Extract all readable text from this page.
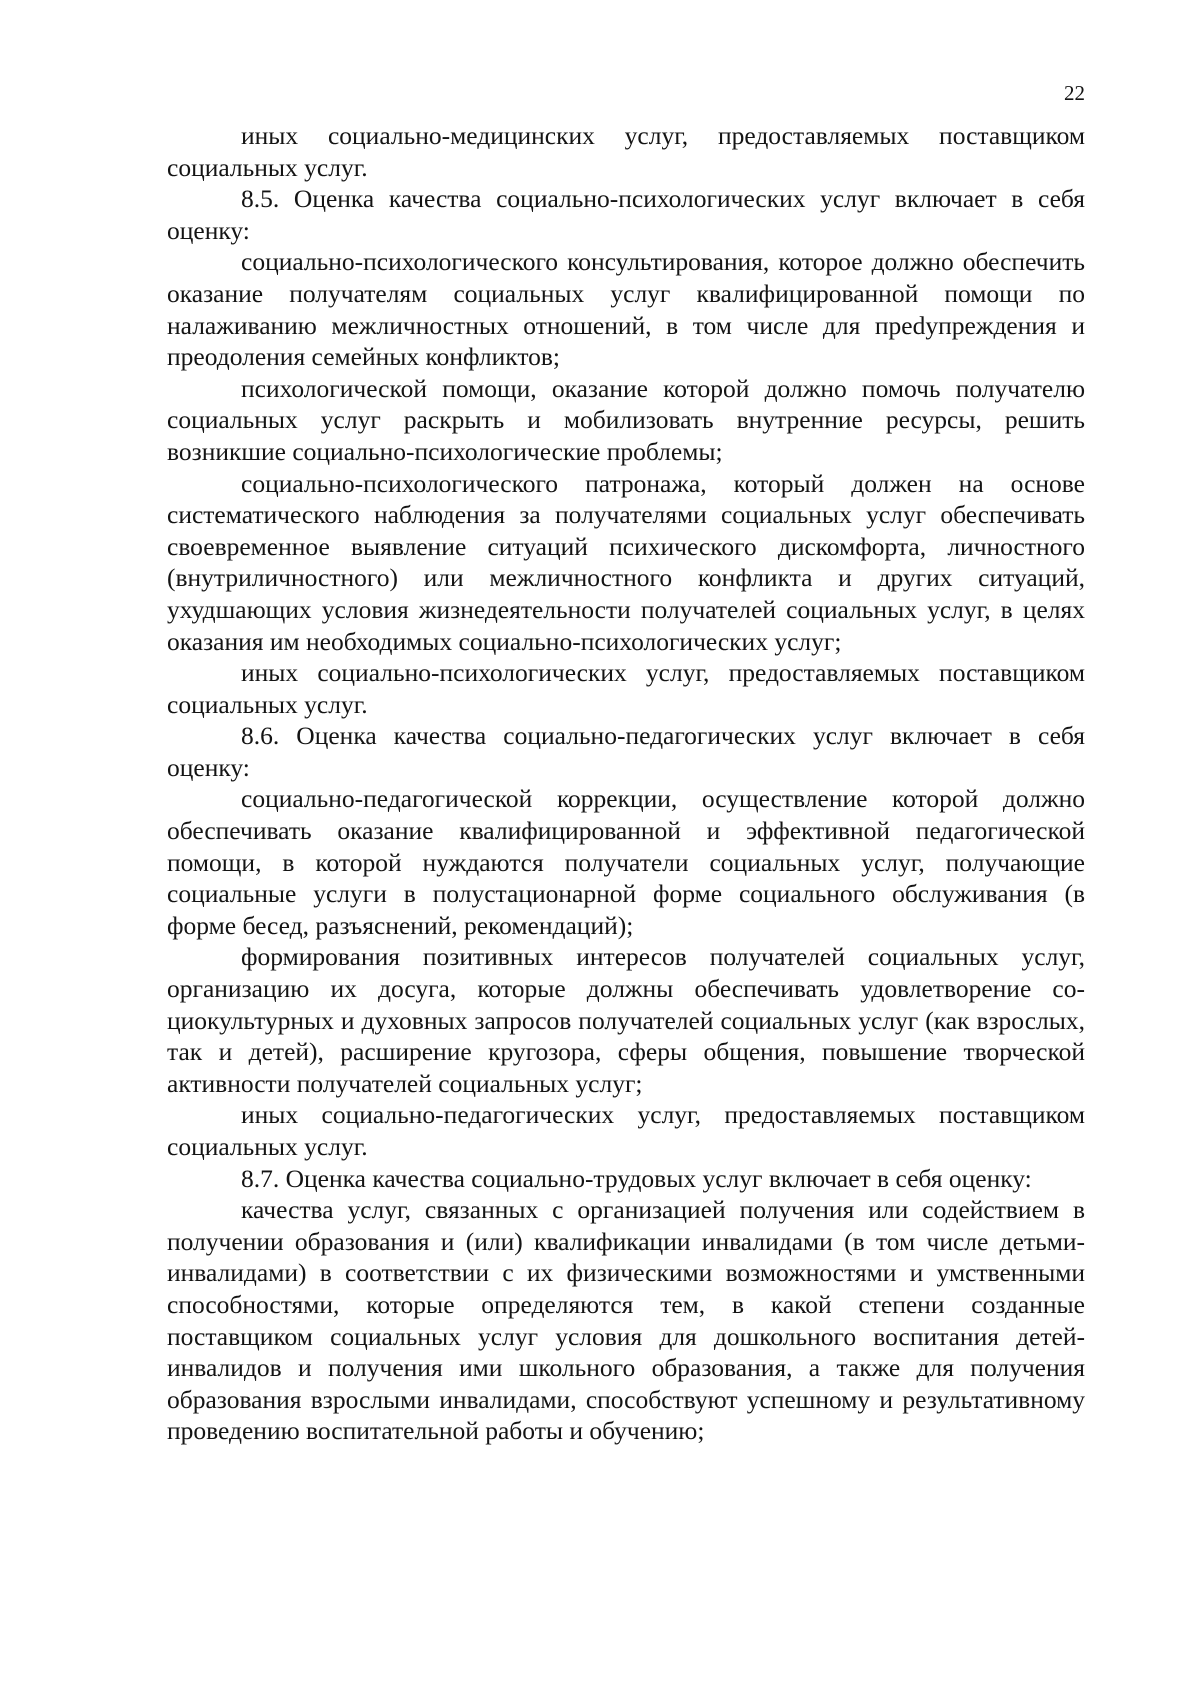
22

иных социально-медицинских услуг, предоставляемых поставщиком социальных услуг.

8.5. Оценка качества социально-психологических услуг включает в себя оценку:

социально-психологического консультирования, которое должно обеспечить оказание получателям социальных услуг квалифицированной помощи по налаживанию межличностных отношений, в том числе для преdупреждения и преодоления семейных конфликтов;

психологической помощи, оказание которой должно помочь получателю социальных услуг раскрыть и мобилизовать внутренние ресурсы, решить возникшие социально-психологические проблемы;

социально-психологического патронажа, который должен на основе систематического наблюдения за получателями социальных услуг обеспечивать своевременное выявление ситуаций психического дискомфорта, личностного (внутриличностного) или межличностного конфликта и других ситуаций, ухудшающих условия жизнедеятельности получателей социальных услуг, в целях оказания им необходимых социально-психологических услуг;

иных социально-психологических услуг, предоставляемых поставщиком социальных услуг.

8.6. Оценка качества социально-педагогических услуг включает в себя оценку:

социально-педагогической коррекции, осуществление которой должно обеспечивать оказание квалифицированной и эффективной педагогической помощи, в которой нуждаются получатели социальных услуг, получающие социальные услуги в полустационарной форме социального обслуживания (в форме бесед, разъяснений, рекомендаций);

формирования позитивных интересов получателей социальных услуг, организацию их досуга, которые должны обеспечивать удовлетворение социокультурных и духовных запросов получателей социальных услуг (как взрослых, так и детей), расширение кругозора, сферы общения, повышение творческой активности получателей социальных услуг;

иных социально-педагогических услуг, предоставляемых поставщиком социальных услуг.

8.7. Оценка качества социально-трудовых услуг включает в себя оценку:

качества услуг, связанных с организацией получения или содействием в получении образования и (или) квалификации инвалидами (в том числе детьми-инвалидами) в соответствии с их физическими возможностями и умственными способностями, которые определяются тем, в какой степени созданные поставщиком социальных услуг условия для дошкольного воспитания детей-инвалидов и получения ими школьного образования, а также для получения образования взрослыми инвалидами, способствуют успешному и результативному проведению воспитательной работы и обучению;
